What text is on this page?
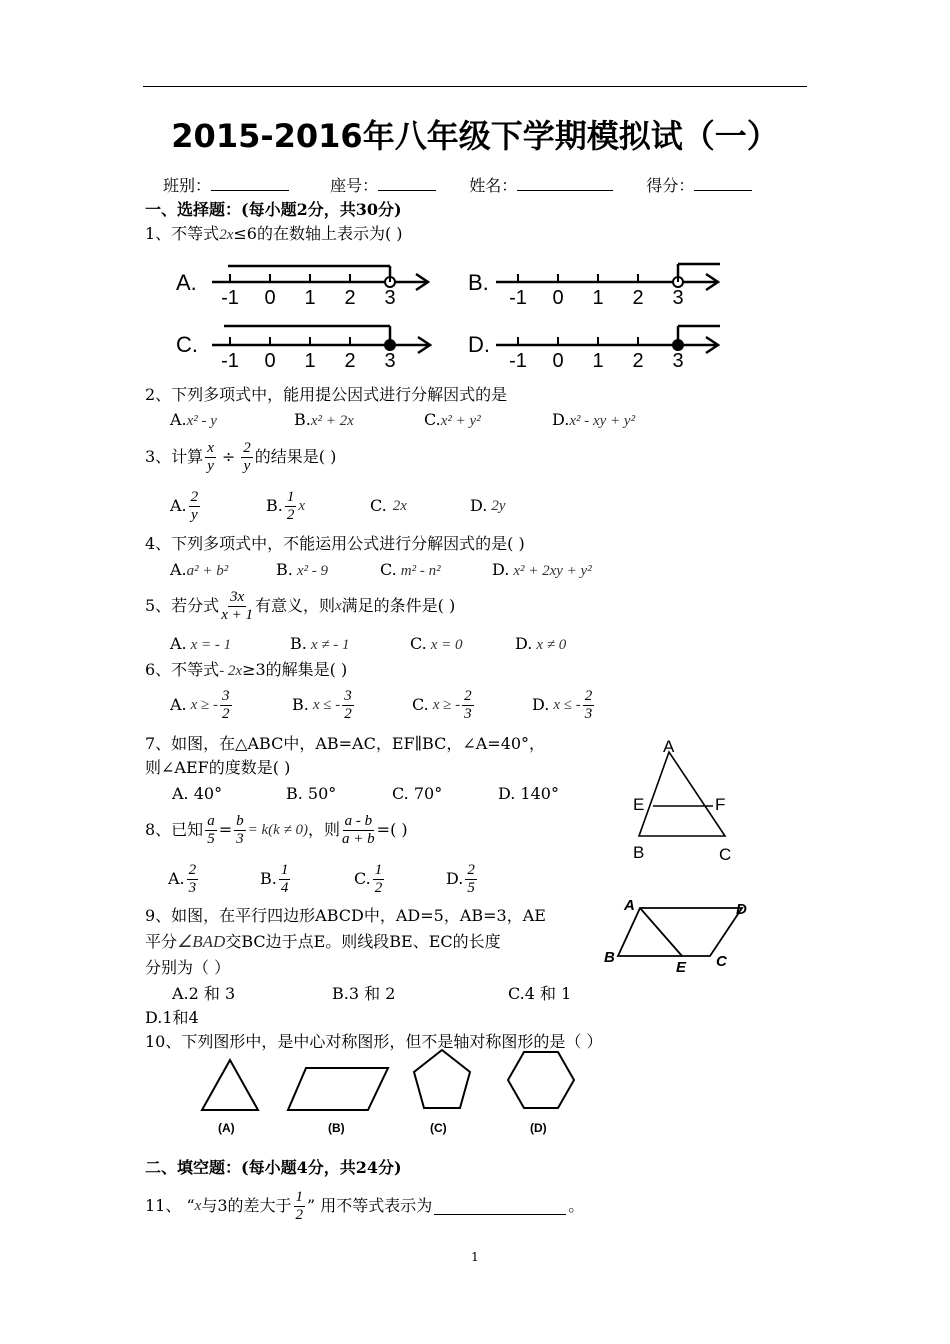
2015-2016年八年级下学期模拟试（一）
班别：	座号：	姓名：	得分：
一、选择题：(每小题2分，共30分)
1、不等式2x≤6的在数轴上表示为( )
A.	B.
C.	D.
-1 0 1 2 3	-1 0 1 2 3
-1 0 1 2 3	-1 0 1 2 3
2、下列多项式中，能用提公因式进行分解因式的是
A.x² - y	B.x² + 2x	C.x² + y²	D.x² - xy + y²
3、计算 $\frac{x}{y} \div \frac{2}{y}$ 的结果是( )
A. $\frac{2}{y}$	B. $\frac{1}{2}$ x	C. 2x	D. 2y
4、下列多项式中，不能运用公式进行分解因式的是( )
A.a² + b²	B. x² - 9	C. m² - n²	D. x² + 2xy + y²
5、若分式 $\frac{3x}{x + 1}$ 有意义，则 x 满足的条件是( )
A. x = - 1	B. x ≠ - 1	C. x = 0	D. x ≠ 0
6、不等式- 2x≥3的解集是( )
A. x ≥ - $\frac{3}{2}$	B. x ≤ - $\frac{3}{2}$	C. x ≥ - $\frac{2}{3}$	D. x ≤ - $\frac{2}{3}$
7、如图，在△ABC中，AB=AC，EF∥BC，∠A=40°，
则∠AEF的度数是( )
A. 40°	B. 50°	C. 70°	D. 140°
A
E	F
B	C
8、已知 $\frac{a}{5} = \frac{b}{3} = k(k \ne 0)$ ，则 $\frac{a - b}{a + b}$ =( )
A. $\frac{2}{3}$	B. $\frac{1}{4}$	C. $\frac{1}{2}$	D. $\frac{2}{5}$
9、如图，在平行四边形ABCD中，AD=5，AB=3，AE
平分∠BAD交BC边于点E。则线段BE、EC的长度
分别为（ ）
A.2 和 3	B.3 和 2	C.4 和 1
D.1和4
A	D
B
E C
10、下列图形中，是中心对称图形，但不是轴对称图形的是（ ）
(A)	(B)	(C)	(D)
二、填空题：(每小题4分，共24分)
11、 “ x 与3的差大于 $\frac{1}{2}$ ” 用不等式表示为	。
1
